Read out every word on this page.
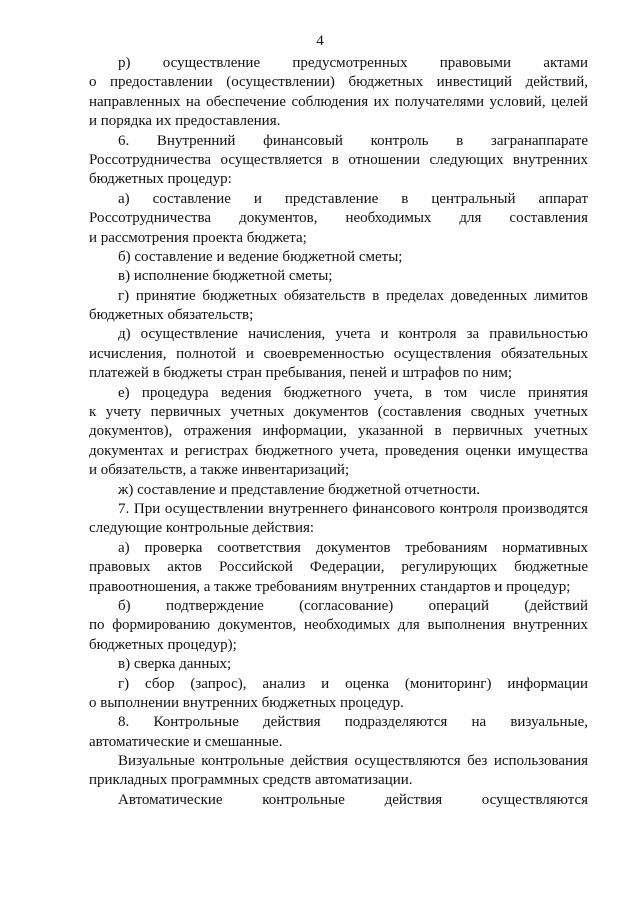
4
р) осуществление предусмотренных правовыми актами
о предоставлении (осуществлении) бюджетных инвестиций действий,
направленных на обеспечение соблюдения их получателями условий, целей
и порядка их предоставления.
6. Внутренний финансовый контроль в загранаппарате
Россотрудничества осуществляется в отношении следующих внутренних
бюджетных процедур:
а) составление и представление в центральный аппарат
Россотрудничества документов, необходимых для составления
и рассмотрения проекта бюджета;
б) составление и ведение бюджетной сметы;
в) исполнение бюджетной сметы;
г) принятие бюджетных обязательств в пределах доведенных лимитов
бюджетных обязательств;
д) осуществление начисления, учета и контроля за правильностью
исчисления, полнотой и своевременностью осуществления обязательных
платежей в бюджеты стран пребывания, пеней и штрафов по ним;
е) процедура ведения бюджетного учета, в том числе принятия
к учету первичных учетных документов (составления сводных учетных
документов), отражения информации, указанной в первичных учетных
документах и регистрах бюджетного учета, проведения оценки имущества
и обязательств, а также инвентаризаций;
ж) составление и представление бюджетной отчетности.
7. При осуществлении внутреннего финансового контроля производятся
следующие контрольные действия:
а) проверка соответствия документов требованиям нормативных
правовых актов Российской Федерации, регулирующих бюджетные
правоотношения, а также требованиям внутренних стандартов и процедур;
б) подтверждение (согласование) операций (действий
по формированию документов, необходимых для выполнения внутренних
бюджетных процедур);
в) сверка данных;
г) сбор (запрос), анализ и оценка (мониторинг) информации
о выполнении внутренних бюджетных процедур.
8. Контрольные действия подразделяются на визуальные,
автоматические и смешанные.
Визуальные контрольные действия осуществляются без использования
прикладных программных средств автоматизации.
Автоматические контрольные действия осуществляются
